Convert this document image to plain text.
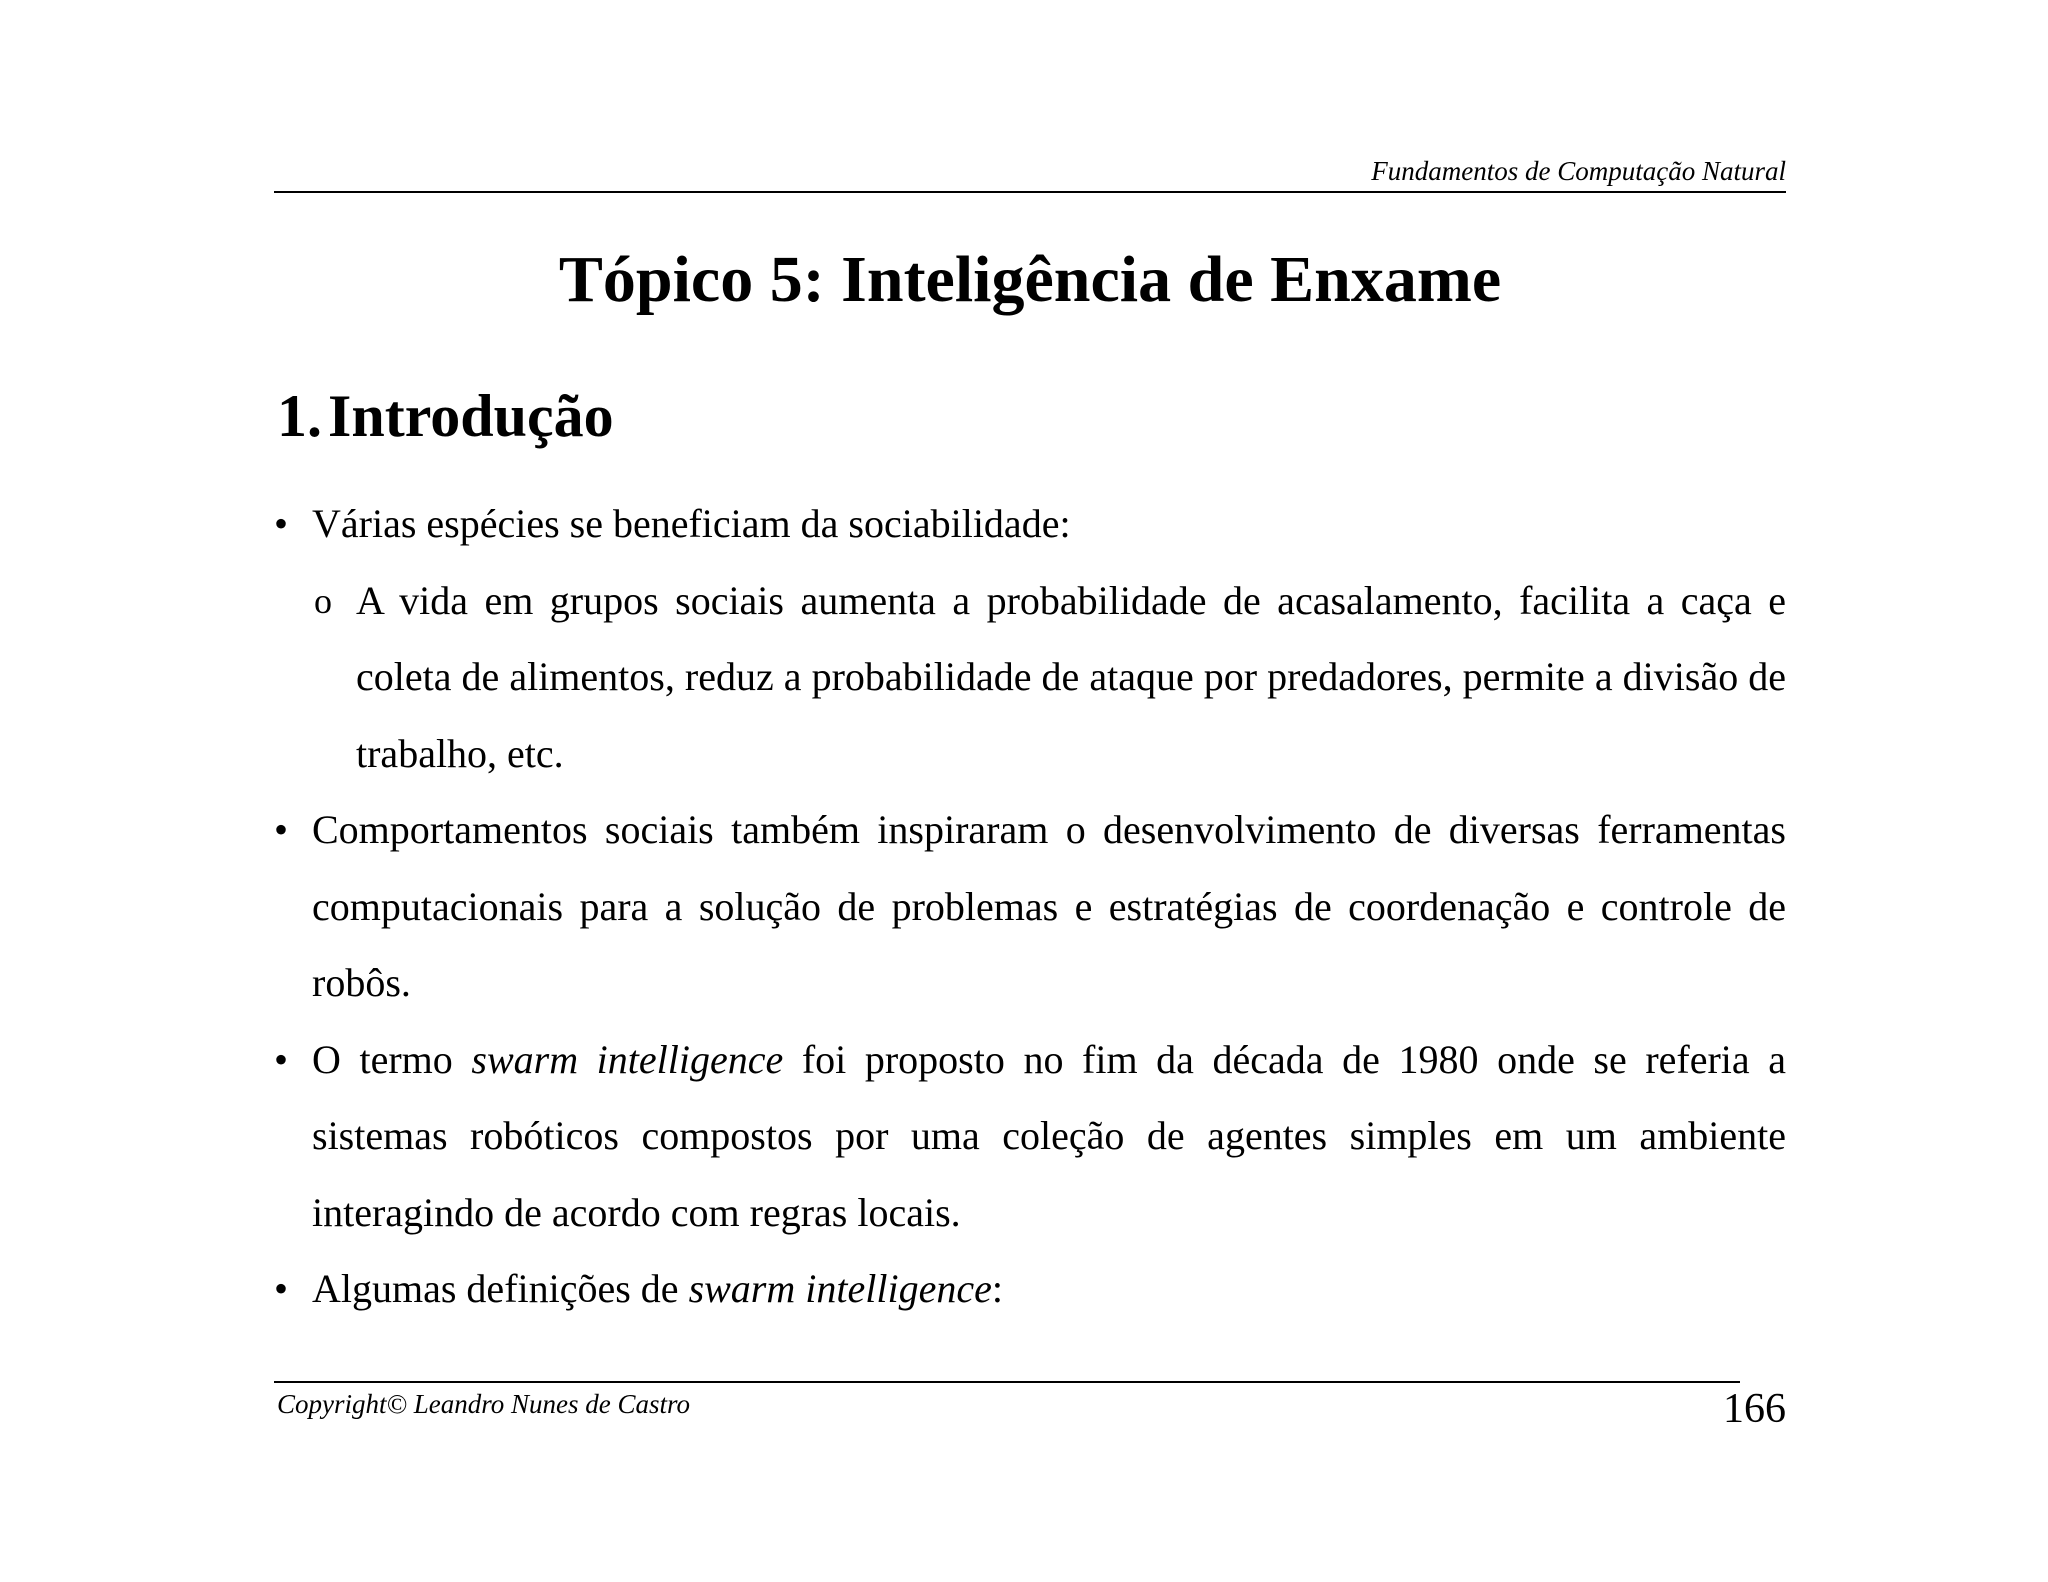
Fundamentos de Computação Natural
Tópico 5: Inteligência de Enxame
1. Introdução
• Várias espécies se beneficiam da sociabilidade:
o A vida em grupos sociais aumenta a probabilidade de acasalamento, facilita a caça e coleta de alimentos, reduz a probabilidade de ataque por predadores, permite a divisão de trabalho, etc.
• Comportamentos sociais também inspiraram o desenvolvimento de diversas ferramentas computacionais para a solução de problemas e estratégias de coordenação e controle de robôs.
• O termo swarm intelligence foi proposto no fim da década de 1980 onde se referia a sistemas robóticos compostos por uma coleção de agentes simples em um ambiente interagindo de acordo com regras locais.
• Algumas definições de swarm intelligence:
Copyright© Leandro Nunes de Castro	166
